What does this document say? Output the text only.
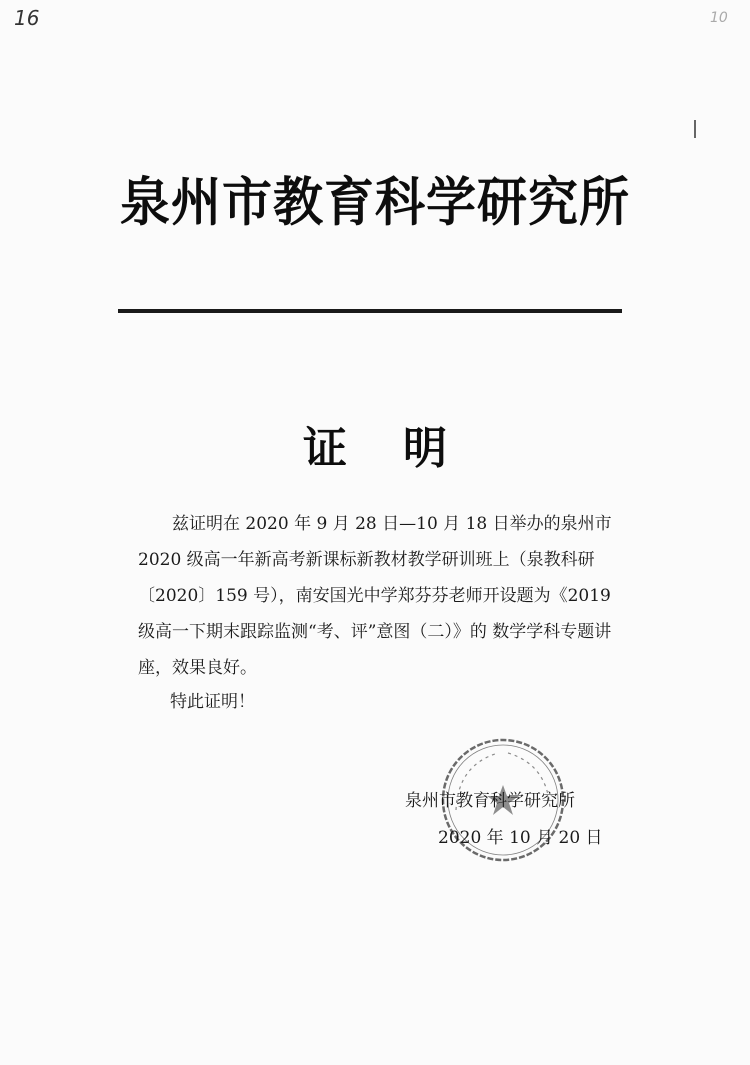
16	10
泉州市教育科学研究所
证 明

兹证明在 2020 年 9 月 28 日—10 月 18 日举办的泉州市 2020 级高一年新高考新课标新教材教学研训班上（泉教科研〔2020〕159 号），南安国光中学郑芬芬老师开设题为《2019 级高一下期末跟踪监测“考、评”意图（二）》的 数学学科专题讲座，效果良好。

特此证明！
泉州市教育科学研究所
2020 年 10 月 20 日
